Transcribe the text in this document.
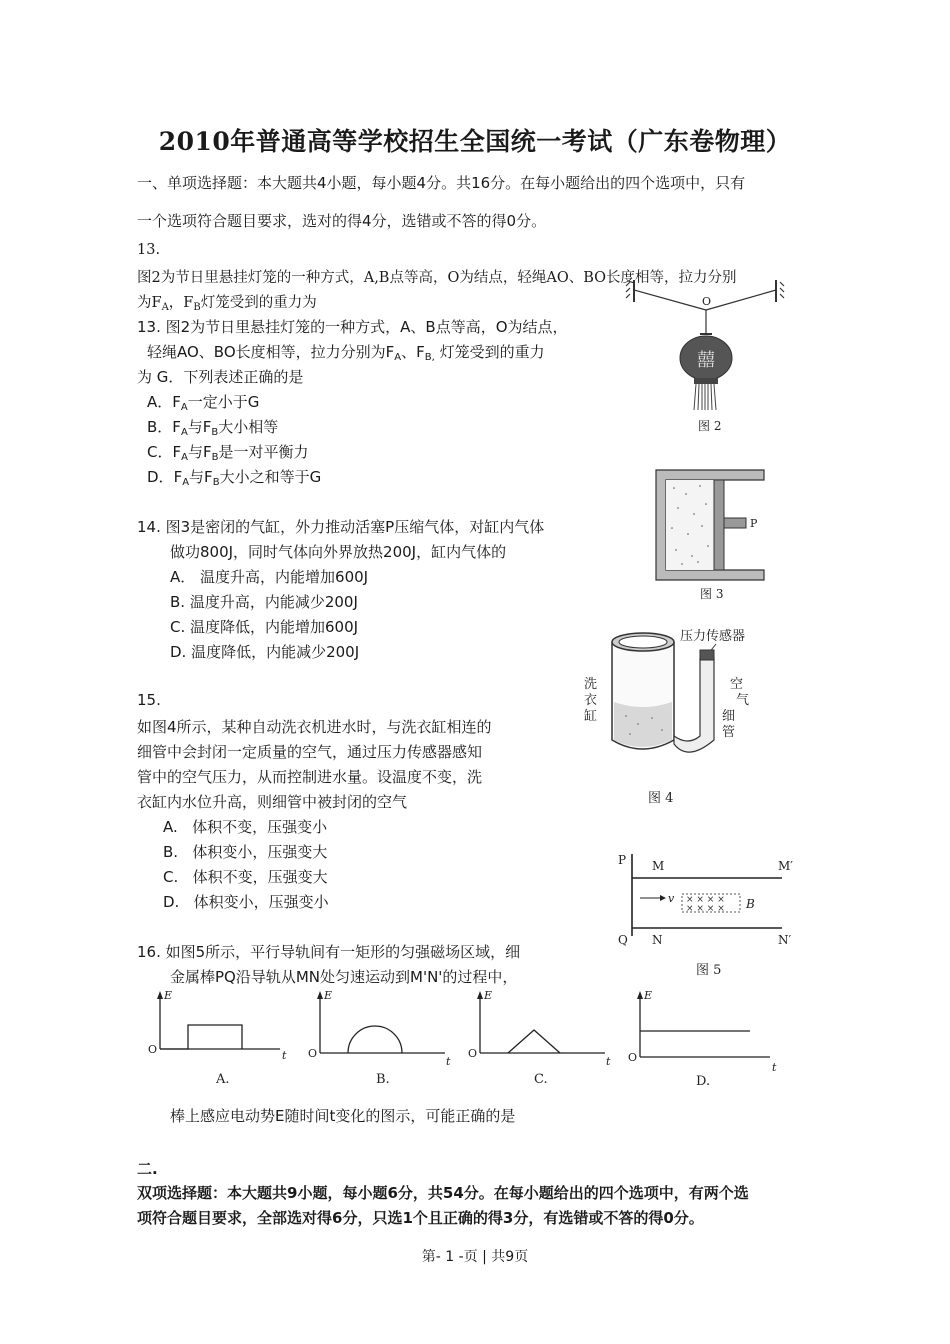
2010年普通高等学校招生全国统一考试（广东卷物理）
一、单项选择题：本大题共4小题，每小题4分。共16分。在每小题给出的四个选项中，只有
一个选项符合题目要求，选对的得4分，选错或不答的得0分。
13.
图2为节日里悬挂灯笼的一种方式，A,B点等高，O为结点，轻绳AO、BO长度相等，拉力分别
为$F_A$，$F_B$灯笼受到的重力为
13. 图2为节日里悬挂灯笼的一种方式，A、B点等高，O为结点，
轻绳AO、BO长度相等，拉力分别为$F_A$、$F_{B,}$ 灯笼受到的重力
为 G．下列表述正确的是
A．$F_A$一定小于G
B．$F_A$与$F_B$大小相等
C．$F_A$与$F_B$是一对平衡力
D．$F_A$与$F_B$大小之和等于G
囍
O
图 2
14. 图3是密闭的气缸，外力推动活塞P压缩气体，对缸内气体
做功800J，同时气体向外界放热200J，缸内气体的
A． 温度升高，内能增加600J
B. 温度升高，内能减少200J
C. 温度降低，内能增加600J
D. 温度降低，内能减少200J
P
图 3
15.
如图4所示，某种自动洗衣机进水时，与洗衣缸相连的
细管中会封闭一定质量的空气，通过压力传感器感知
管中的空气压力，从而控制进水量。设温度不变，洗
衣缸内水位升高，则细管中被封闭的空气
A. 体积不变，压强变小
B. 体积变小，压强变大
C. 体积不变，压强变大
D. 体积变小，压强变小
压力传感器
洗
衣
缸
空
气
细
管
图 4
16. 如图5所示，平行导轨间有一矩形的匀强磁场区域，细
金属棒PQ沿导轨从MN处匀速运动到M'N'的过程中，
× × × ×
× × × ×
P
Q
M
N
M′
N′
v	B
图 5
E
O	t
A.
E
O
t
B.
E
O
t
C.
E
O
t
D.
棒上感应电动势E随时间t变化的图示，可能正确的是
二.
双项选择题：本大题共9小题，每小题6分，共54分。在每小题给出的四个选项中，有两个选
项符合题目要求，全部选对得6分，只选1个且正确的得3分，有选错或不答的得0分。
第- 1 -页 | 共9页
